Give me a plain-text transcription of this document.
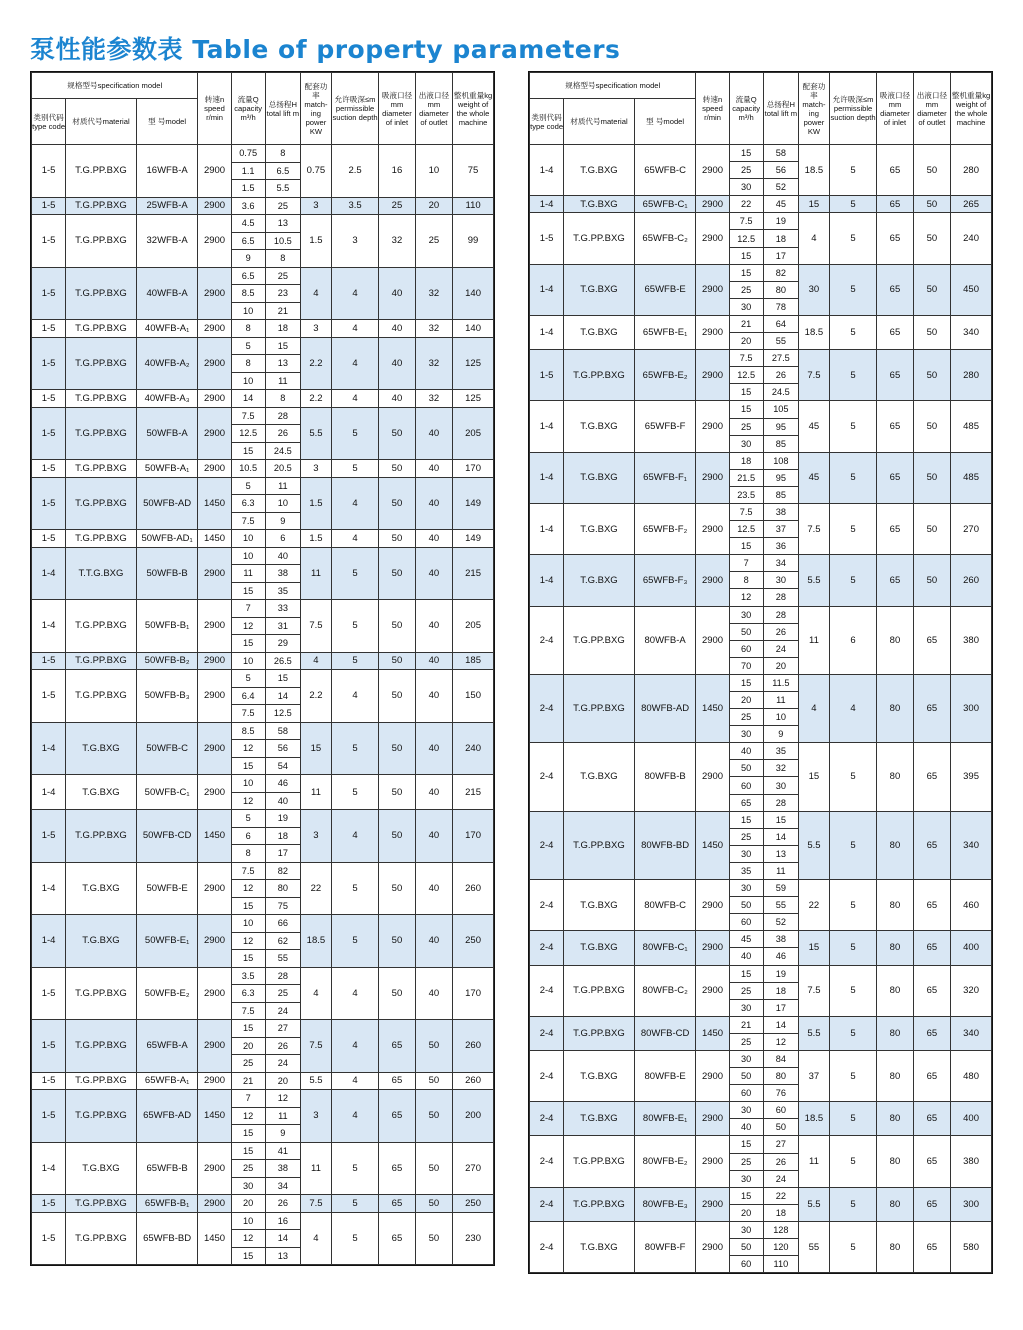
泵性能参数表 Table of property parameters
规格型号specification model			转速n speed r/min	流量Q capacity m³/h	总扬程H total lift m	配套功率 match-ing power KW	允许吸深≤m permissible suction depth	吸液口径mm diameter of inlet	出液口径mm diameter of outlet	整机重量kg weight of the whole machine
类别代码type code	材质代号material	型 号model								
1-5	T.G.PP.BXG	16WFB-A	2900	0.75	8	0.75	2.5	16	10	75
				1.1	6.5					
				1.5	5.5					
1-5	T.G.PP.BXG	25WFB-A	2900	3.6	25	3	3.5	25	20	110
1-5	T.G.PP.BXG	32WFB-A	2900	4.5	13	1.5	3	32	25	99
				6.5	10.5					
				9	8					
1-5	T.G.PP.BXG	40WFB-A	2900	6.5	25	4	4	40	32	140
				8.5	23					
				10	21					
1-5	T.G.PP.BXG	40WFB-A₁	2900	8	18	3	4	40	32	140
1-5	T.G.PP.BXG	40WFB-A₂	2900	5	15	2.2	4	40	32	125
				8	13					
				10	11					
1-5	T.G.PP.BXG	40WFB-A₃	2900	14	8	2.2	4	40	32	125
1-5	T.G.PP.BXG	50WFB-A	2900	7.5	28	5.5	5	50	40	205
				12.5	26					
				15	24.5					
1-5	T.G.PP.BXG	50WFB-A₁	2900	10.5	20.5	3	5	50	40	170
1-5	T.G.PP.BXG	50WFB-AD	1450	5	11	1.5	4	50	40	149
				6.3	10					
				7.5	9					
1-5	T.G.PP.BXG	50WFB-AD₁	1450	10	6	1.5	4	50	40	149
1-4	T.T.G.BXG	50WFB-B	2900	10	40	11	5	50	40	215
				11	38					
				15	35					
1-4	T.G.PP.BXG	50WFB-B₁	2900	7	33	7.5	5	50	40	205
				12	31					
				15	29					
1-5	T.G.PP.BXG	50WFB-B₂	2900	10	26.5	4	5	50	40	185
1-5	T.G.PP.BXG	50WFB-B₃	2900	5	15	2.2	4	50	40	150
				6.4	14					
				7.5	12.5					
1-4	T.G.BXG	50WFB-C	2900	8.5	58	15	5	50	40	240
				12	56					
				15	54					
1-4	T.G.BXG	50WFB-C₁	2900	10	46	11	5	50	40	215
				12	40					
1-5	T.G.PP.BXG	50WFB-CD	1450	5	19	3	4	50	40	170
				6	18					
				8	17					
1-4	T.G.BXG	50WFB-E	2900	7.5	82	22	5	50	40	260
				12	80					
				15	75					
1-4	T.G.BXG	50WFB-E₁	2900	10	66	18.5	5	50	40	250
				12	62					
				15	55					
1-5	T.G.PP.BXG	50WFB-E₂	2900	3.5	28	4	4	50	40	170
				6.3	25					
				7.5	24					
1-5	T.G.PP.BXG	65WFB-A	2900	15	27	7.5	4	65	50	260
				20	26					
				25	24					
1-5	T.G.PP.BXG	65WFB-A₁	2900	21	20	5.5	4	65	50	260
1-5	T.G.PP.BXG	65WFB-AD	1450	7	12	3	4	65	50	200
				12	11					
				15	9					
1-4	T.G.BXG	65WFB-B	2900	15	41	11	5	65	50	270
				25	38					
				30	34					
1-5	T.G.PP.BXG	65WFB-B₁	2900	20	26	7.5	5	65	50	250
1-5	T.G.PP.BXG	65WFB-BD	1450	10	16	4	5	65	50	230
				12	14					
				15	13					
规格型号specification model			转速n speed r/min	流量Q capacity m³/h	总扬程H total lift m	配套功率 match-ing power KW	允许吸深≤m permissible suction depth	吸液口径mm diameter of inlet	出液口径mm diameter of outlet	整机重量kg weight of the whole machine
类别代码type code	材质代号material	型 号model								
1-4	T.G.BXG	65WFB-C	2900	15	58	18.5	5	65	50	280
				25	56					
				30	52					
1-4	T.G.BXG	65WFB-C₁	2900	22	45	15	5	65	50	265
1-5	T.G.PP.BXG	65WFB-C₂	2900	7.5	19	4	5	65	50	240
				12.5	18					
				15	17					
1-4	T.G.BXG	65WFB-E	2900	15	82	30	5	65	50	450
				25	80					
				30	78					
1-4	T.G.BXG	65WFB-E₁	2900	21	64	18.5	5	65	50	340
				20	55					
1-5	T.G.PP.BXG	65WFB-E₂	2900	7.5	27.5	7.5	5	65	50	280
				12.5	26					
				15	24.5					
1-4	T.G.BXG	65WFB-F	2900	15	105	45	5	65	50	485
				25	95					
				30	85					
1-4	T.G.BXG	65WFB-F₁	2900	18	108	45	5	65	50	485
				21.5	95					
				23.5	85					
1-4	T.G.BXG	65WFB-F₂	2900	7.5	38	7.5	5	65	50	270
				12.5	37					
				15	36					
1-4	T.G.BXG	65WFB-F₃	2900	7	34	5.5	5	65	50	260
				8	30					
				12	28					
2-4	T.G.PP.BXG	80WFB-A	2900	30	28	11	6	80	65	380
				50	26					
				60	24					
				70	20					
2-4	T.G.PP.BXG	80WFB-AD	1450	15	11.5	4	4	80	65	300
				20	11					
				25	10					
				30	9					
2-4	T.G.BXG	80WFB-B	2900	40	35	15	5	80	65	395
				50	32					
				60	30					
				65	28					
2-4	T.G.PP.BXG	80WFB-BD	1450	15	15	5.5	5	80	65	340
				25	14					
				30	13					
				35	11					
2-4	T.G.BXG	80WFB-C	2900	30	59	22	5	80	65	460
				50	55					
				60	52					
2-4	T.G.BXG	80WFB-C₁	2900	45	38	15	5	80	65	400
				40	46					
2-4	T.G.PP.BXG	80WFB-C₂	2900	15	19	7.5	5	80	65	320
				25	18					
				30	17					
2-4	T.G.PP.BXG	80WFB-CD	1450	21	14	5.5	5	80	65	340
				25	12					
2-4	T.G.BXG	80WFB-E	2900	30	84	37	5	80	65	480
				50	80					
				60	76					
2-4	T.G.BXG	80WFB-E₁	2900	30	60	18.5	5	80	65	400
				40	50					
2-4	T.G.PP.BXG	80WFB-E₂	2900	15	27	11	5	80	65	380
				25	26					
				30	24					
2-4	T.G.PP.BXG	80WFB-E₃	2900	15	22	5.5	5	80	65	300
				20	18					
2-4	T.G.BXG	80WFB-F	2900	30	128	55	5	80	65	580
				50	120					
				60	110					
